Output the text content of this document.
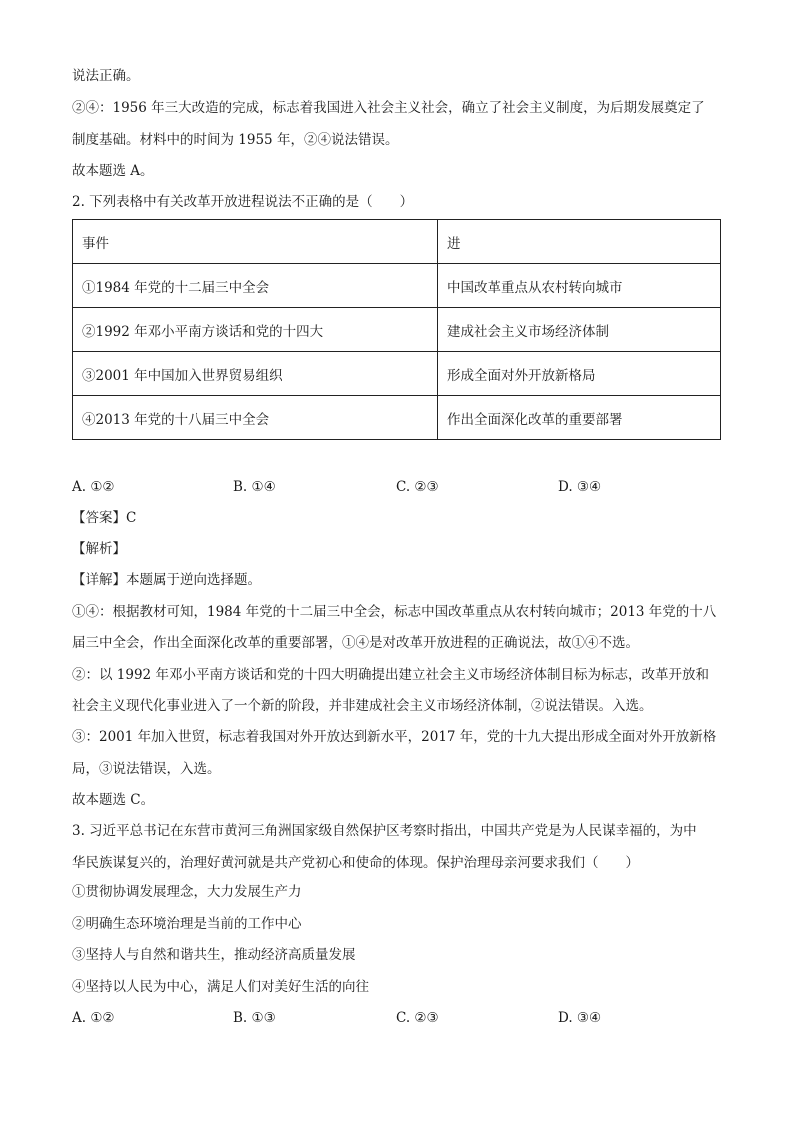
说法正确。
②④：1956 年三大改造的完成，标志着我国进入社会主义社会，确立了社会主义制度，为后期发展奠定了
制度基础。材料中的时间为 1955 年，②④说法错误。
故本题选 A。
2. 下列表格中有关改革开放进程说法不正确的是（　　）
事件	进
①1984 年党的十二届三中全会	中国改革重点从农村转向城市
②1992 年邓小平南方谈话和党的十四大	建成社会主义市场经济体制
③2001 年中国加入世界贸易组织	形成全面对外开放新格局
④2013 年党的十八届三中全会	作出全面深化改革的重要部署
A. ①②	B. ①④	C. ②③	D. ③④
【答案】C
【解析】
【详解】本题属于逆向选择题。
①④：根据教材可知，1984 年党的十二届三中全会，标志中国改革重点从农村转向城市；2013 年党的十八
届三中全会，作出全面深化改革的重要部署，①④是对改革开放进程的正确说法，故①④不选。
②：以 1992 年邓小平南方谈话和党的十四大明确提出建立社会主义市场经济体制目标为标志，改革开放和
社会主义现代化事业进入了一个新的阶段，并非建成社会主义市场经济体制，②说法错误。入选。
③：2001 年加入世贸，标志着我国对外开放达到新水平，2017 年，党的十九大提出形成全面对外开放新格
局，③说法错误，入选。
故本题选 C。
3. 习近平总书记在东营市黄河三角洲国家级自然保护区考察时指出，中国共产党是为人民谋幸福的，为中
华民族谋复兴的，治理好黄河就是共产党初心和使命的体现。保护治理母亲河要求我们（　　）
①贯彻协调发展理念，大力发展生产力
②明确生态环境治理是当前的工作中心
③坚持人与自然和谐共生，推动经济高质量发展
④坚持以人民为中心，满足人们对美好生活的向往
A. ①②	B. ①③	C. ②③	D. ③④
